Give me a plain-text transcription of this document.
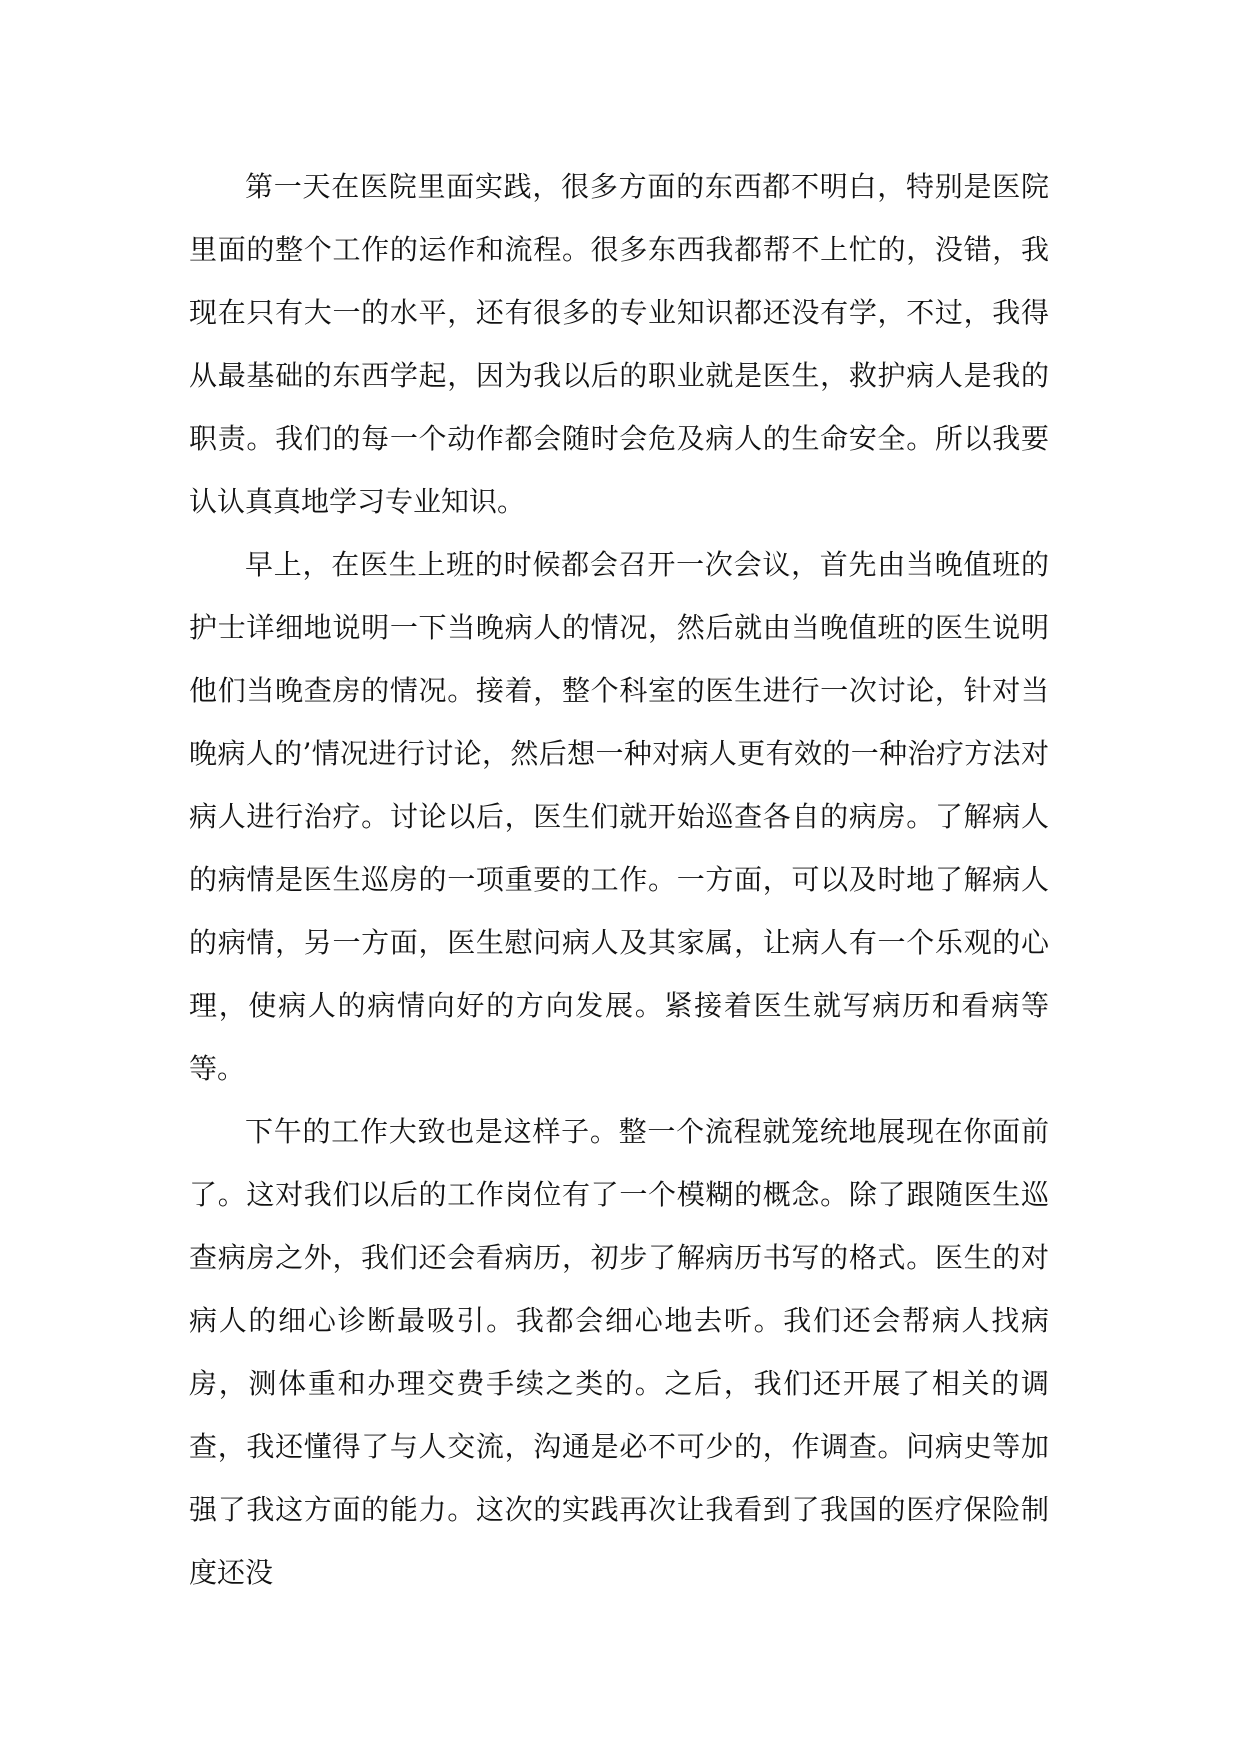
第一天在医院里面实践，很多方面的东西都不明白，特别是医院里面的整个工作的运作和流程。很多东西我都帮不上忙的，没错，我现在只有大一的水平，还有很多的专业知识都还没有学，不过，我得从最基础的东西学起，因为我以后的职业就是医生，救护病人是我的职责。我们的每一个动作都会随时会危及病人的生命安全。所以我要认认真真地学习专业知识。

早上，在医生上班的时候都会召开一次会议，首先由当晚值班的护士详细地说明一下当晚病人的情况，然后就由当晚值班的医生说明他们当晚查房的情况。接着，整个科室的医生进行一次讨论，针对当晚病人的’情况进行讨论，然后想一种对病人更有效的一种治疗方法对病人进行治疗。讨论以后，医生们就开始巡查各自的病房。了解病人的病情是医生巡房的一项重要的工作。一方面，可以及时地了解病人的病情，另一方面，医生慰问病人及其家属，让病人有一个乐观的心理，使病人的病情向好的方向发展。紧接着医生就写病历和看病等等。

下午的工作大致也是这样子。整一个流程就笼统地展现在你面前了。这对我们以后的工作岗位有了一个模糊的概念。除了跟随医生巡查病房之外，我们还会看病历，初步了解病历书写的格式。医生的对病人的细心诊断最吸引。我都会细心地去听。我们还会帮病人找病房，测体重和办理交费手续之类的。之后，我们还开展了相关的调查，我还懂得了与人交流，沟通是必不可少的，作调查。问病史等加强了我这方面的能力。这次的实践再次让我看到了我国的医疗保险制度还没
